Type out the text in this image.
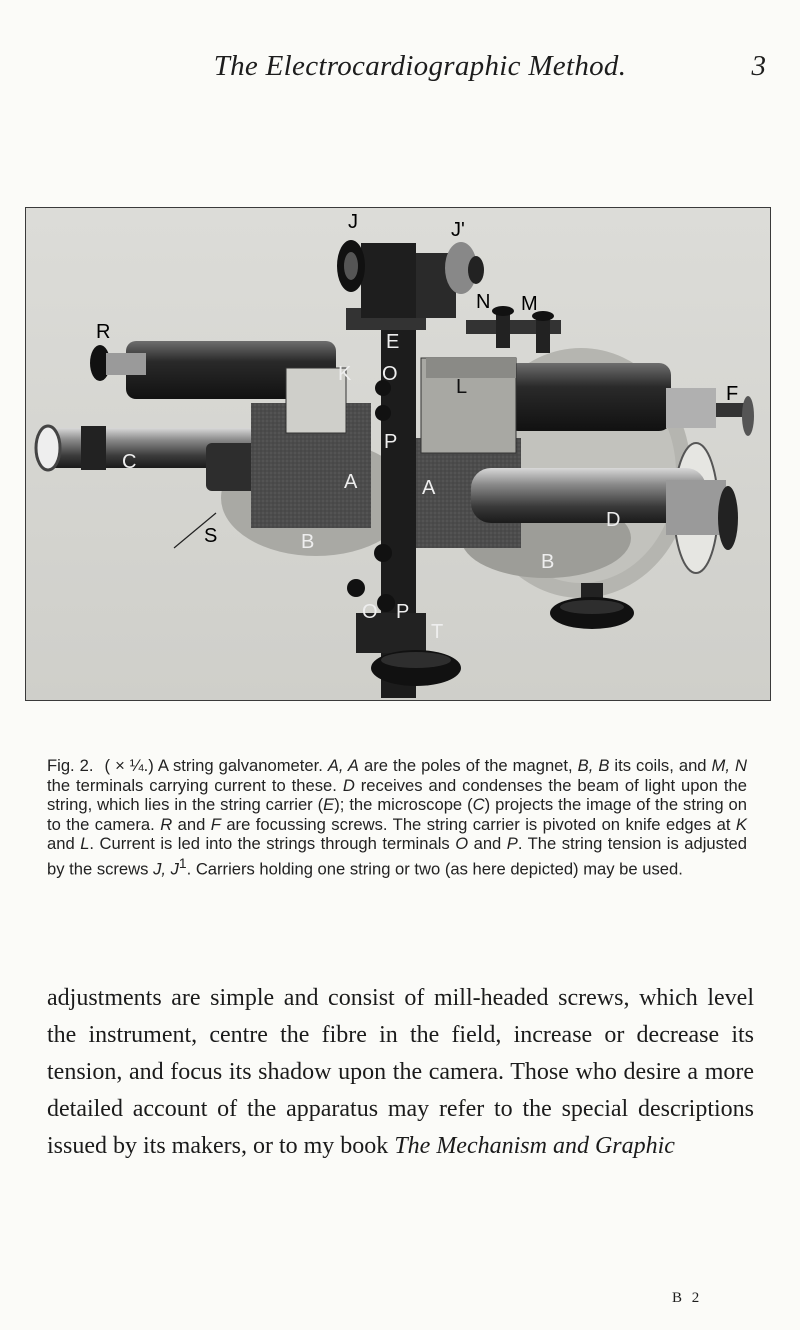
The Electrocardiographic Method.	3
J	J'
N M
R
F
C
S
A	A
B
B
D
E
K
L
O
P
O P
T
Fig. 2. ( × ¼.) A string galvanometer. A, A are the poles of the magnet, B, B its coils, and M, N the terminals carrying current to these. D receives and condenses the beam of light upon the string, which lies in the string carrier (E); the microscope (C) projects the image of the string on to the camera. R and F are focussing screws. The string carrier is pivoted on knife edges at K and L. Current is led into the strings through terminals O and P. The string tension is adjusted by the screws J, $J^1$. Carriers holding one string or two (as here depicted) may be used.
adjustments are simple and consist of mill-headed screws, which level the instrument, centre the fibre in the field, increase or decrease its tension, and focus its shadow upon the camera. Those who desire a more detailed account of the apparatus may refer to the special descriptions issued by its makers, or to my book The Mechanism and Graphic
B 2
